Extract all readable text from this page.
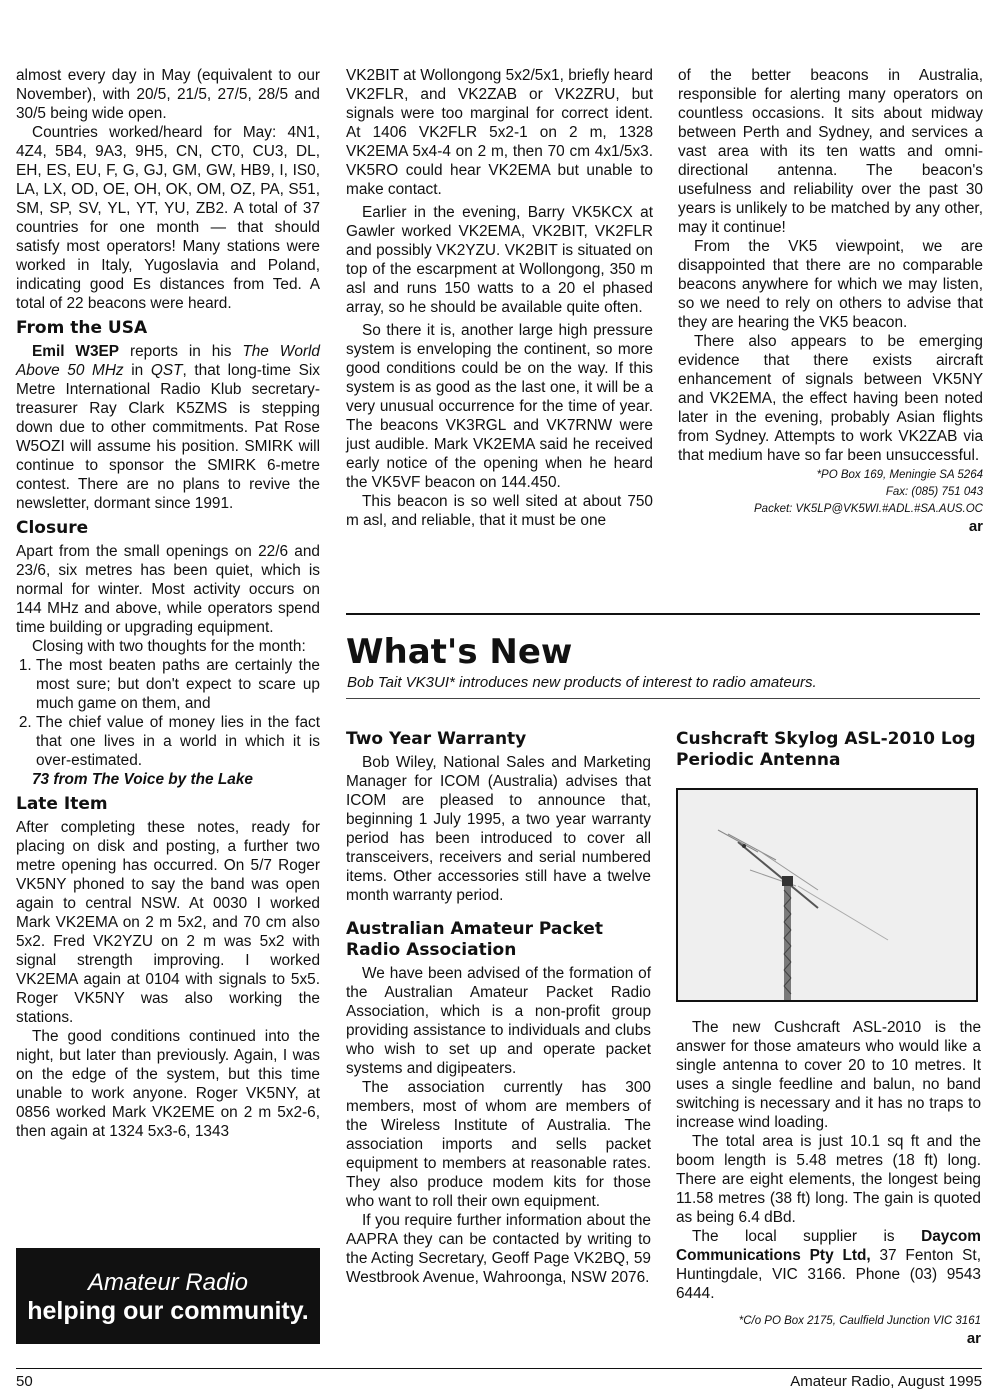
almost every day in May (equivalent to our November), with 20/5, 21/5, 27/5, 28/5 and 30/5 being wide open.

Countries worked/heard for May: 4N1, 4Z4, 5B4, 9A3, 9H5, CN, CT0, CU3, DL, EH, ES, EU, F, G, GJ, GM, GW, HB9, I, IS0, LA, LX, OD, OE, OH, OK, OM, OZ, PA, S51, SM, SP, SV, YL, YT, YU, ZB2. A total of 37 countries for one month — that should satisfy most operators! Many stations were worked in Italy, Yugoslavia and Poland, indicating good Es distances from Ted. A total of 22 beacons were heard.

From the USA

Emil W3EP reports in his The World Above 50 MHz in QST, that long-time Six Metre International Radio Klub secretary-treasurer Ray Clark K5ZMS is stepping down due to other commitments. Pat Rose W5OZI will assume his position. SMIRK will continue to sponsor the SMIRK 6-metre contest. There are no plans to revive the newsletter, dormant since 1991.

Closure

Apart from the small openings on 22/6 and 23/6, six metres has been quiet, which is normal for winter. Most activity occurs on 144 MHz and above, while operators spend time building or upgrading equipment.

Closing with two thoughts for the month:

1. The most beaten paths are certainly the most sure; but don't expect to scare up much game on them, and
2. The chief value of money lies in the fact that one lives in a world in which it is over-estimated.

73 from The Voice by the Lake

Late Item

After completing these notes, ready for placing on disk and posting, a further two metre opening has occurred. On 5/7 Roger VK5NY phoned to say the band was open again to central NSW. At 0030 I worked Mark VK2EMA on 2 m 5x2, and 70 cm also 5x2. Fred VK2YZU on 2 m was 5x2 with signal strength improving. I worked VK2EMA again at 0104 with signals to 5x5. Roger VK5NY was also working the stations.

The good conditions continued into the night, but later than previously. Again, I was on the edge of the system, but this time unable to work anyone. Roger VK5NY, at 0856 worked Mark VK2EME on 2 m 5x2-6, then again at 1324 5x3-6, 1343

VK2BIT at Wollongong 5x2/5x1, briefly heard VK2FLR, and VK2ZAB or VK2ZRU, but signals were too marginal for correct ident. At 1406 VK2FLR 5x2-1 on 2 m, 1328 VK2EMA 5x4-4 on 2 m, then 70 cm 4x1/5x3. VK5RO could hear VK2EMA but unable to make contact.

Earlier in the evening, Barry VK5KCX at Gawler worked VK2EMA, VK2BIT, VK2FLR and possibly VK2YZU. VK2BIT is situated on top of the escarpment at Wollongong, 350 m asl and runs 150 watts to a 20 el phased array, so he should be available quite often.

So there it is, another large high pressure system is enveloping the continent, so more good conditions could be on the way. If this system is as good as the last one, it will be a very unusual occurrence for the time of year. The beacons VK3RGL and VK7RNW were just audible. Mark VK2EMA said he received early notice of the opening when he heard the VK5VF beacon on 144.450.

This beacon is so well sited at about 750 m asl, and reliable, that it must be one

of the better beacons in Australia, responsible for alerting many operators on countless occasions. It sits about midway between Perth and Sydney, and services a vast area with its ten watts and omni-directional antenna. The beacon's usefulness and reliability over the past 30 years is unlikely to be matched by any other, may it continue!

From the VK5 viewpoint, we are disappointed that there are no comparable beacons anywhere for which we may listen, so we need to rely on others to advise that they are hearing the VK5 beacon.

There also appears to be emerging evidence that there exists aircraft enhancement of signals between VK5NY and VK2EMA, the effect having been noted later in the evening, probably Asian flights from Sydney. Attempts to work VK2ZAB via that medium have so far been unsuccessful.

*PO Box 169, Meningie SA 5264
Fax: (085) 751 043
Packet: VK5LP@VK5WI.#ADL.#SA.AUS.OC
ar
What's New
Bob Tait VK3UI* introduces new products of interest to radio amateurs.
Two Year Warranty

Bob Wiley, National Sales and Marketing Manager for ICOM (Australia) advises that ICOM are pleased to announce that, beginning 1 July 1995, a two year warranty period has been introduced to cover all transceivers, receivers and serial numbered items. Other accessories still have a twelve month warranty period.

Australian Amateur Packet Radio Association

We have been advised of the formation of the Australian Amateur Packet Radio Association, which is a non-profit group providing assistance to individuals and clubs who wish to set up and operate packet systems and digipeaters.

The association currently has 300 members, most of whom are members of the Wireless Institute of Australia. The association imports and sells packet equipment to members at reasonable rates. They also produce modem kits for those who want to roll their own equipment.

If you require further information about the AAPRA they can be contacted by writing to the Acting Secretary, Geoff Page VK2BQ, 59 Westbrook Avenue, Wahroonga, NSW 2076.

Cushcraft Skylog ASL-2010 Log Periodic Antenna

The new Cushcraft ASL-2010 is the answer for those amateurs who would like a single antenna to cover 20 to 10 metres. It uses a single feedline and balun, no band switching is necessary and it has no traps to increase wind loading.

The total area is just 10.1 sq ft and the boom length is 5.48 metres (18 ft) long. There are eight elements, the longest being 11.58 metres (38 ft) long. The gain is quoted as being 6.4 dBd.

The local supplier is Daycom Communications Pty Ltd, 37 Fenton St, Huntingdale, VIC 3166. Phone (03) 9543 6444.

*C/o PO Box 2175, Caulfield Junction VIC 3161
ar
Amateur Radio
helping our community.
50	Amateur Radio, August 1995
